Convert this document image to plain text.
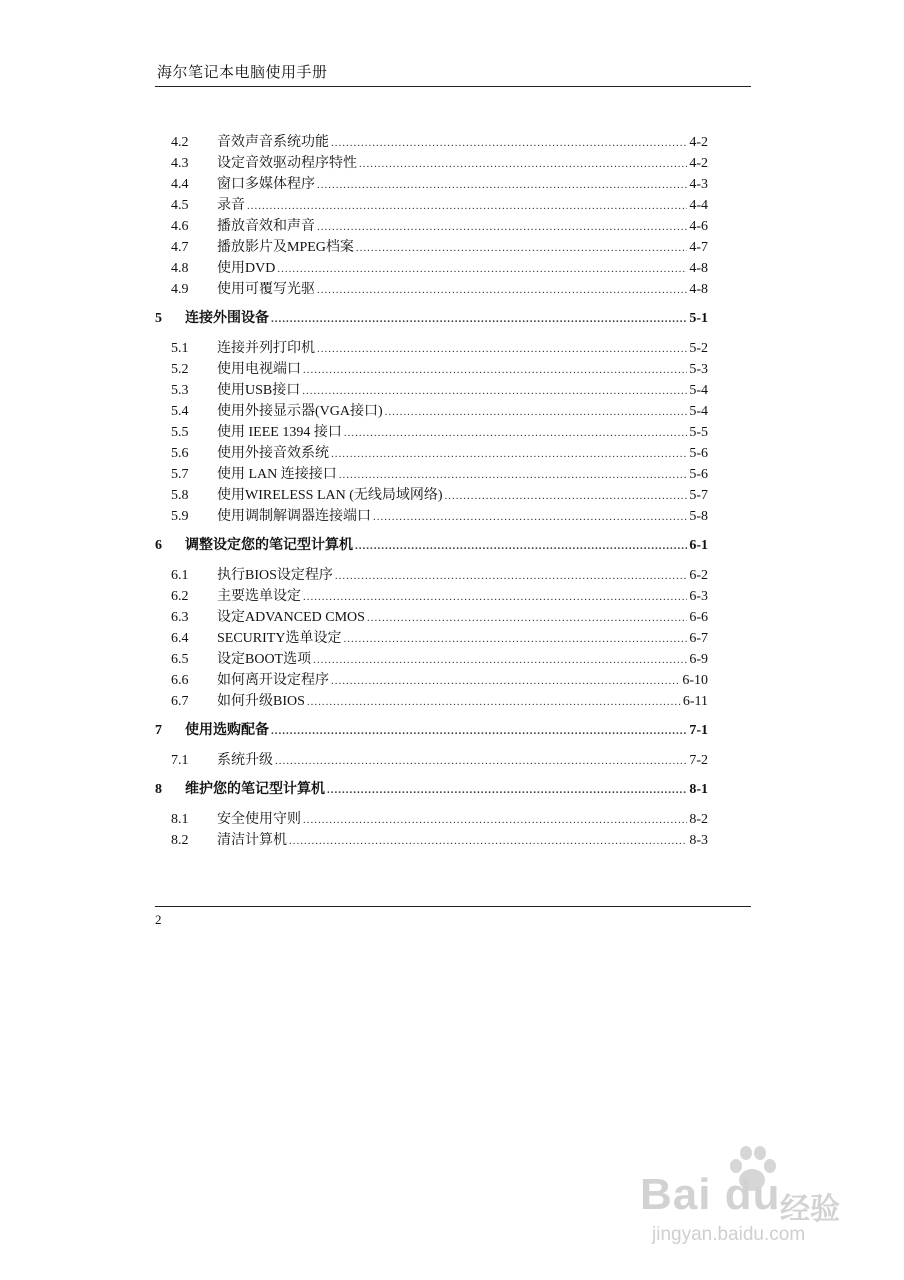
海尔笔记本电脑使用手册
4.2	音效声音系统功能 .....	4-2
4.3	设定音效驱动程序特性 .....	4-2
4.4	窗口多媒体程序 .....	4-3
4.5	录音 .....	4-4
4.6	播放音效和声音 .....	4-6
4.7	播放影片及MPEG档案 .....	4-7
4.8	使用DVD .....	4-8
4.9	使用可覆写光驱 .....	4-8
5	连接外围设备 .....	5-1
5.1	连接并列打印机 .....	5-2
5.2	使用电视端口 .....	5-3
5.3	使用USB接口 .....	5-4
5.4	使用外接显示器(VGA接口) .....	5-4
5.5	使用 IEEE 1394 接口 .....	5-5
5.6	使用外接音效系统 .....	5-6
5.7	使用 LAN 连接接口 .....	5-6
5.8	使用WIRELESS LAN (无线局域网络) .....	5-7
5.9	使用调制解调器连接端口 .....	5-8
6	调整设定您的笔记型计算机 .....	6-1
6.1	执行BIOS设定程序 .....	6-2
6.2	主要选单设定 .....	6-3
6.3	设定ADVANCED CMOS .....	6-6
6.4	SECURITY选单设定 .....	6-7
6.5	设定BOOT选项 .....	6-9
6.6	如何离开设定程序 .....	6-10
6.7	如何升级BIOS .....	6-11
7	使用选购配备 .....	7-1
7.1	系统升级 .....	7-2
8	维护您的笔记型计算机 .....	8-1
8.1	安全使用守则 .....	8-2
8.2	清洁计算机 .....	8-3
2
Bai du 经验
jingyan.baidu.com
